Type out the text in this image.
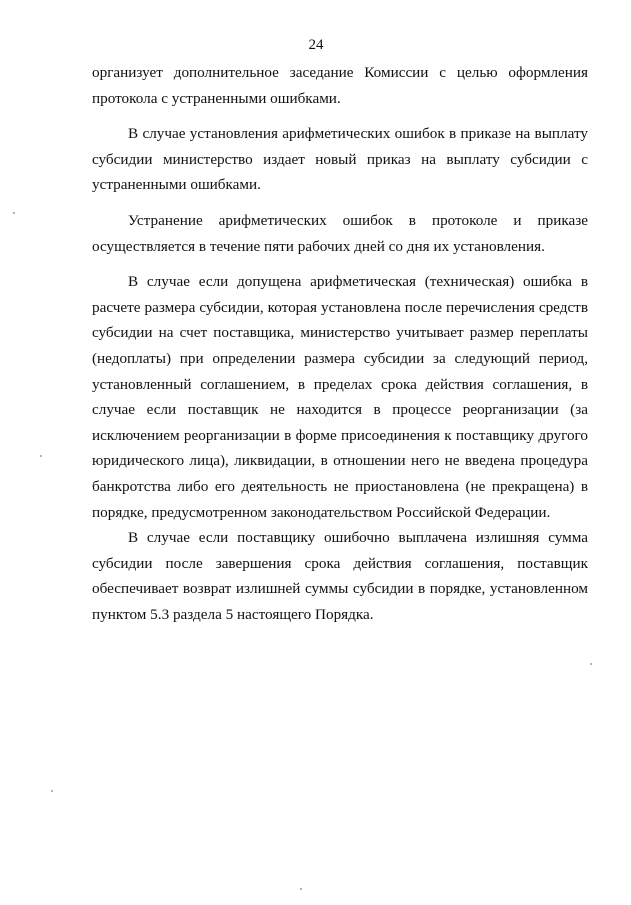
24
организует дополнительное заседание Комиссии с целью оформления
протокола с устраненными ошибками.
В случае установления арифметических ошибок в приказе на выплату
субсидии министерство издает новый приказ на выплату субсидии с
устраненными ошибками.
Устранение арифметических ошибок в протоколе и приказе
осуществляется в течение пяти рабочих дней со дня их установления.
В случае если допущена арифметическая (техническая) ошибка в
расчете размера субсидии, которая установлена после перечисления средств
субсидии на счет поставщика, министерство учитывает размер переплаты
(недоплаты) при определении размера субсидии за следующий период,
установленный соглашением, в пределах срока действия соглашения, в
случае если поставщик не находится в процессе реорганизации (за
исключением реорганизации в форме присоединения к поставщику другого
юридического лица), ликвидации, в отношении него не введена процедура
банкротства либо его деятельность не приостановлена (не прекращена) в
порядке, предусмотренном законодательством Российской Федерации.
В случае если поставщику ошибочно выплачена излишняя сумма
субсидии после завершения срока действия соглашения, поставщик
обеспечивает возврат излишней суммы субсидии в порядке, установленном
пунктом 5.3 раздела 5 настоящего Порядка.
